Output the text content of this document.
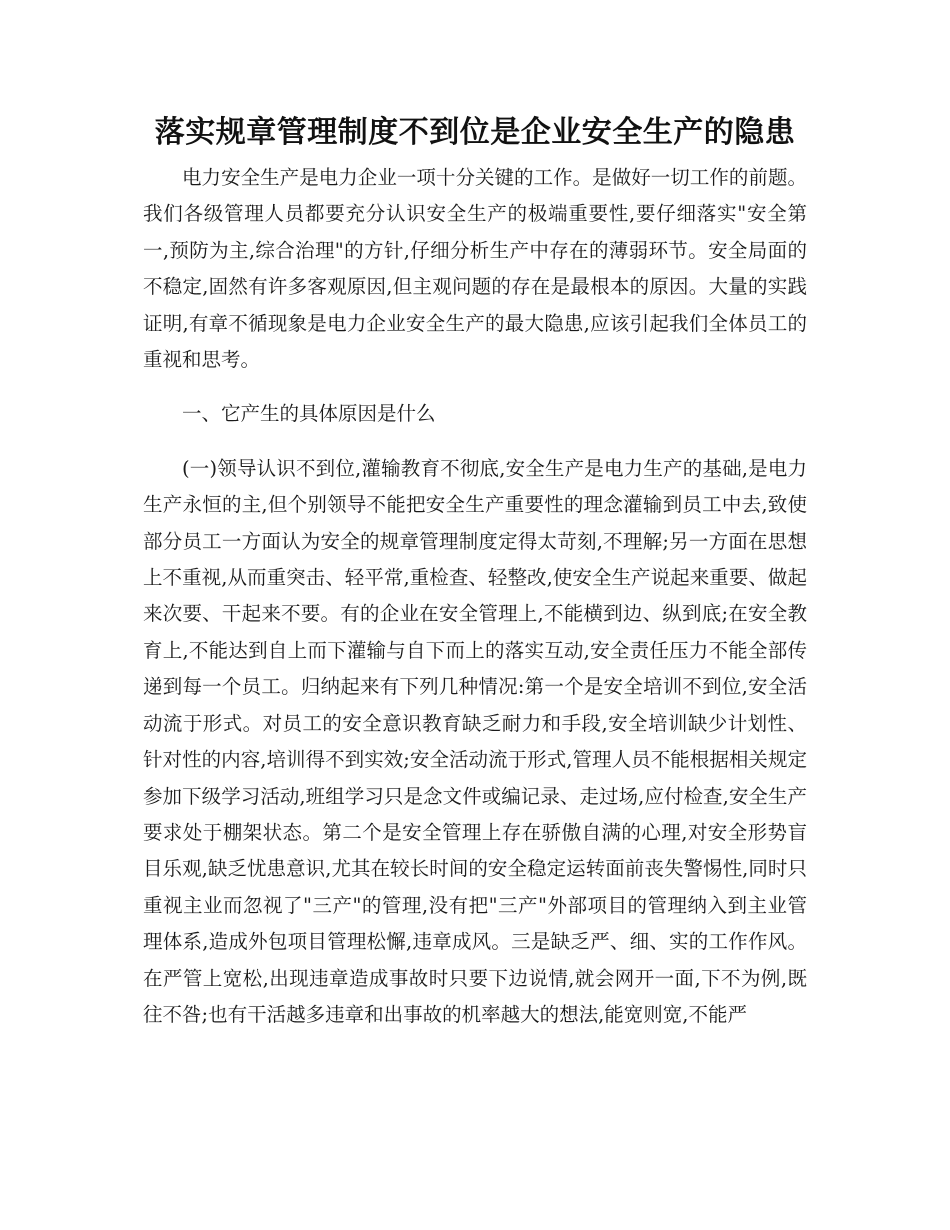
落实规章管理制度不到位是企业安全生产的隐患

电力安全生产是电力企业一项十分关键的工作。是做好一切工作的前题。我们各级管理人员都要充分认识安全生产的极端重要性,要仔细落实"安全第一,预防为主,综合治理"的方针,仔细分析生产中存在的薄弱环节。安全局面的不稳定,固然有许多客观原因,但主观问题的存在是最根本的原因。大量的实践证明,有章不循现象是电力企业安全生产的最大隐患,应该引起我们全体员工的重视和思考。

一、它产生的具体原因是什么

(一)领导认识不到位,灌输教育不彻底,安全生产是电力生产的基础,是电力生产永恒的主,但个别领导不能把安全生产重要性的理念灌输到员工中去,致使部分员工一方面认为安全的规章管理制度定得太苛刻,不理解;另一方面在思想上不重视,从而重突击、轻平常,重检查、轻整改,使安全生产说起来重要、做起来次要、干起来不要。有的企业在安全管理上,不能横到边、纵到底;在安全教育上,不能达到自上而下灌输与自下而上的落实互动,安全责任压力不能全部传递到每一个员工。归纳起来有下列几种情况:第一个是安全培训不到位,安全活动流于形式。对员工的安全意识教育缺乏耐力和手段,安全培训缺少计划性、针对性的内容,培训得不到实效;安全活动流于形式,管理人员不能根据相关规定参加下级学习活动,班组学习只是念文件或编记录、走过场,应付检查,安全生产要求处于棚架状态。第二个是安全管理上存在骄傲自满的心理,对安全形势盲目乐观,缺乏忧患意识,尤其在较长时间的安全稳定运转面前丧失警惕性,同时只重视主业而忽视了"三产"的管理,没有把"三产"外部项目的管理纳入到主业管理体系,造成外包项目管理松懈,违章成风。三是缺乏严、细、实的工作作风。在严管上宽松,出现违章造成事故时只要下边说情,就会网开一面,下不为例,既往不咎;也有干活越多违章和出事故的机率越大的想法,能宽则宽,不能严
